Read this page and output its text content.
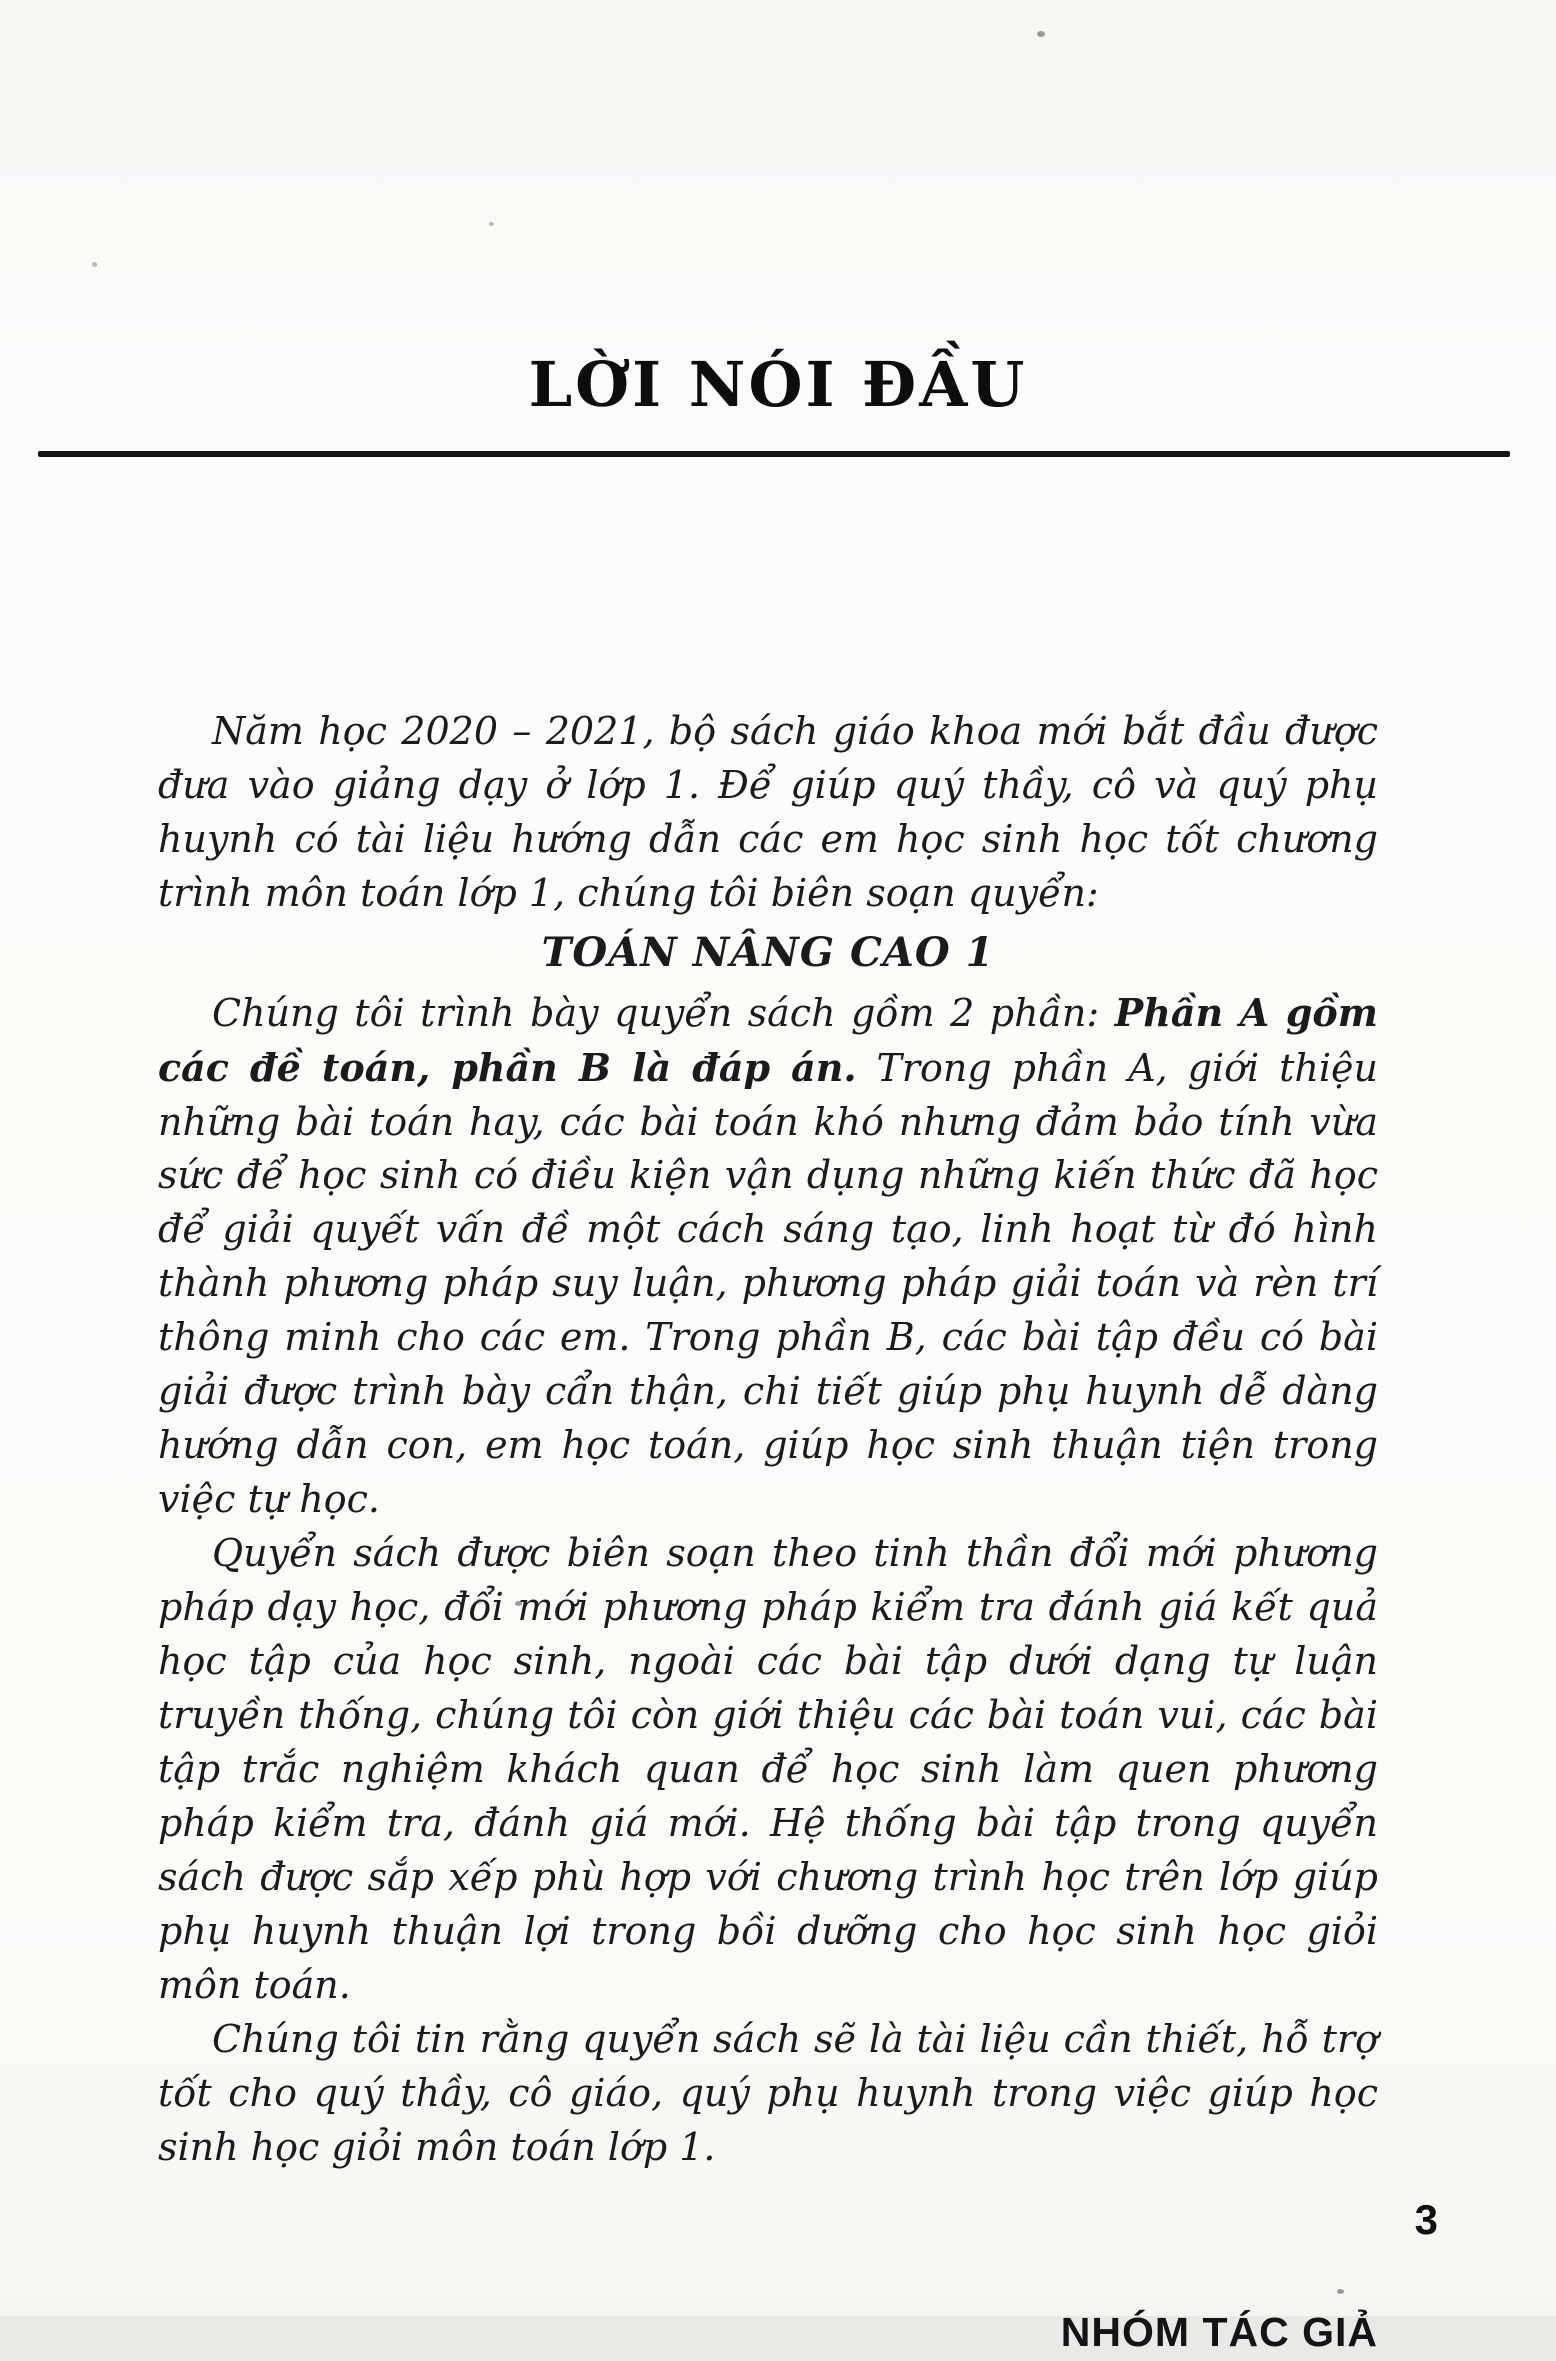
LỜI NÓI ĐẦU

Năm học 2020 – 2021, bộ sách giáo khoa mới bắt đầu được đưa vào giảng dạy ở lớp 1. Để giúp quý thầy, cô và quý phụ huynh có tài liệu hướng dẫn các em học sinh học tốt chương trình môn toán lớp 1, chúng tôi biên soạn quyển:

TOÁN NÂNG CAO 1

Chúng tôi trình bày quyển sách gồm 2 phần: Phần A gồm các đề toán, phần B là đáp án. Trong phần A, giới thiệu những bài toán hay, các bài toán khó nhưng đảm bảo tính vừa sức để học sinh có điều kiện vận dụng những kiến thức đã học để giải quyết vấn đề một cách sáng tạo, linh hoạt từ đó hình thành phương pháp suy luận, phương pháp giải toán và rèn trí thông minh cho các em. Trong phần B, các bài tập đều có bài giải được trình bày cẩn thận, chi tiết giúp phụ huynh dễ dàng hướng dẫn con, em học toán, giúp học sinh thuận tiện trong việc tự học.

Quyển sách được biên soạn theo tinh thần đổi mới phương pháp dạy học, đổi mới phương pháp kiểm tra đánh giá kết quả học tập của học sinh, ngoài các bài tập dưới dạng tự luận truyền thống, chúng tôi còn giới thiệu các bài toán vui, các bài tập trắc nghiệm khách quan để học sinh làm quen phương pháp kiểm tra, đánh giá mới. Hệ thống bài tập trong quyển sách được sắp xếp phù hợp với chương trình học trên lớp giúp phụ huynh thuận lợi trong bồi dưỡng cho học sinh học giỏi môn toán.

Chúng tôi tin rằng quyển sách sẽ là tài liệu cần thiết, hỗ trợ tốt cho quý thầy, cô giáo, quý phụ huynh trong việc giúp học sinh học giỏi môn toán lớp 1.

NHÓM TÁC GIẢ
3
